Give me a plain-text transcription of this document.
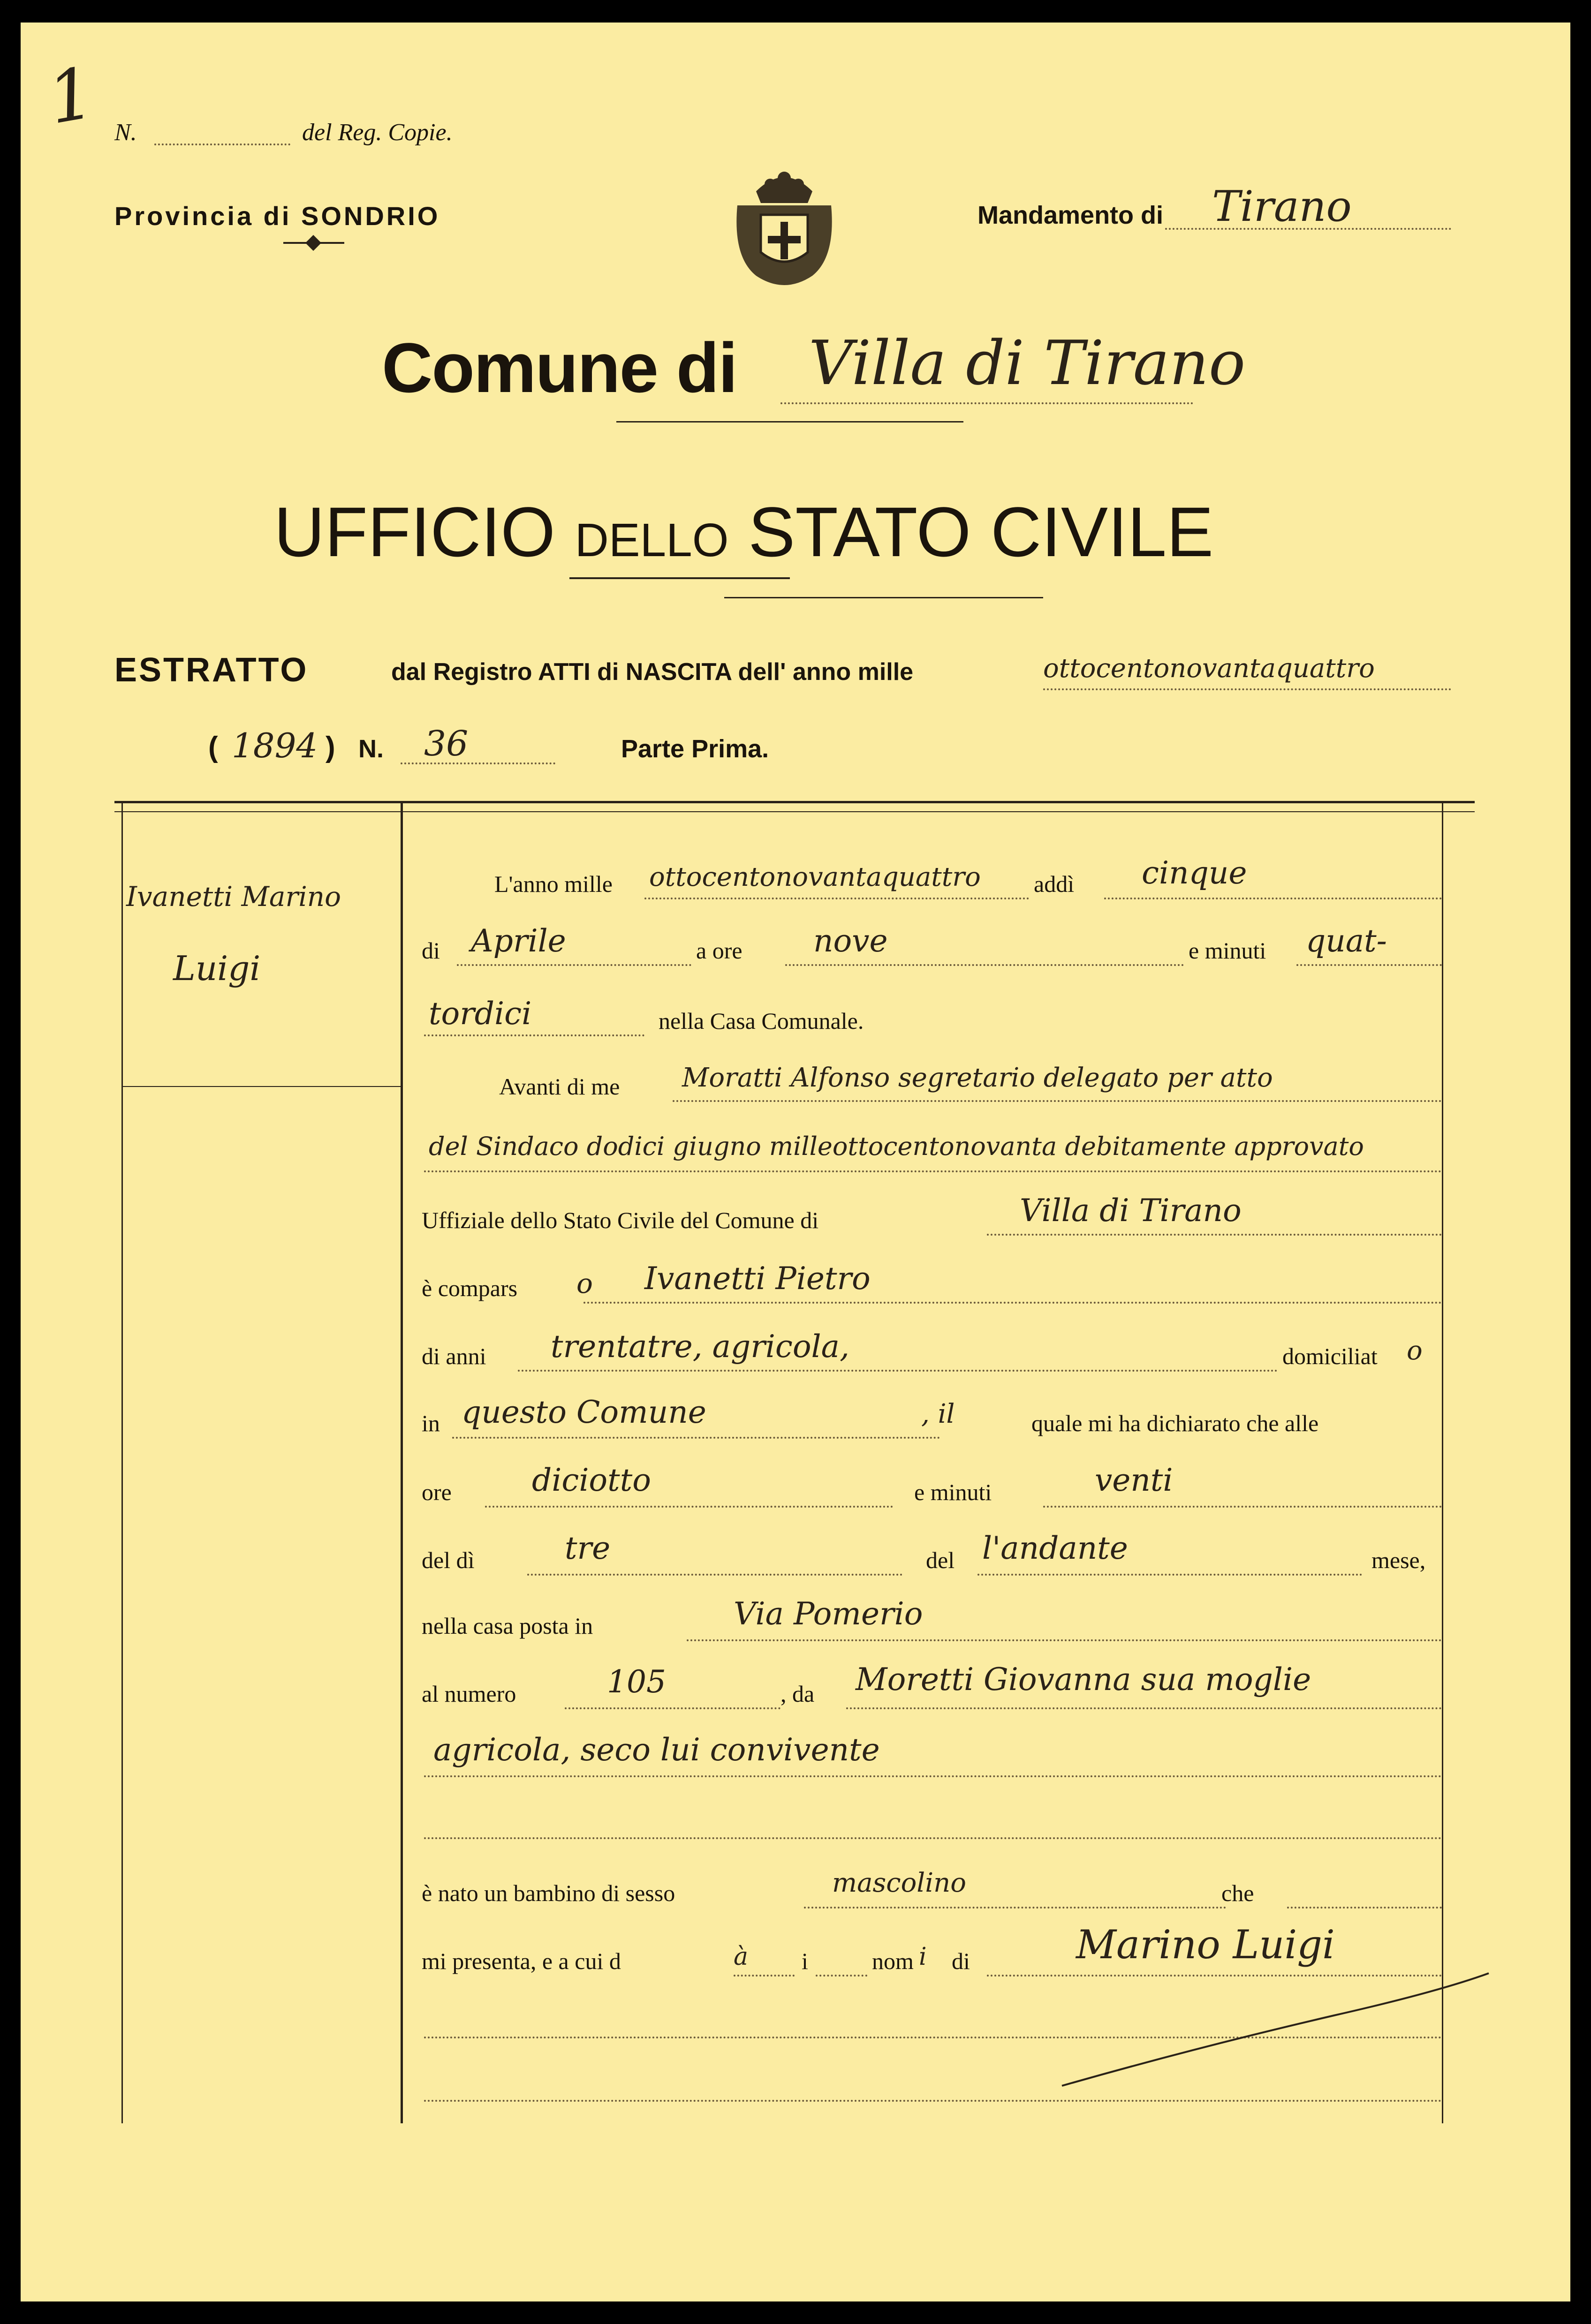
1 N.	del Reg. Copie.
Provincia di SONDRIO	Mandamento di Tirano
Comune di Villa di Tirano
UFFICIO DELLO STATO CIVILE
ESTRATTO	dal Registro ATTI di NASCITA dell' anno mille	ottocentonovantaquattro
( 1894 ) N. 36	Parte Prima.
Ivanetti Marino
Luigi
L'anno mille ottocentonovantaquattro addì cinque
di Aprile	a ore nove	e minuti quat-
tordici	nella Casa Comunale.
Avanti di me Moratti Alfonso segretario delegato per atto
del Sindaco dodici giugno milleottocentonovanta debitamente approvato
Uffiziale dello Stato Civile del Comune di	Villa di Tirano
è compars o Ivanetti Pietro
di anni trentatre, agricola,	domiciliat o
in questo Comune	, il	quale mi ha dichiarato che alle
ore	diciotto	e minuti	venti
del dì	tre	del l'andante	mese,
nella casa posta in	Via Pomerio
al numero	105	, da Moretti Giovanna sua moglie
agricola, seco lui convivente
è nato un bambino di sesso	mascolino	che
mi presenta, e a cui d	à i	nom i di	Marino Luigi
